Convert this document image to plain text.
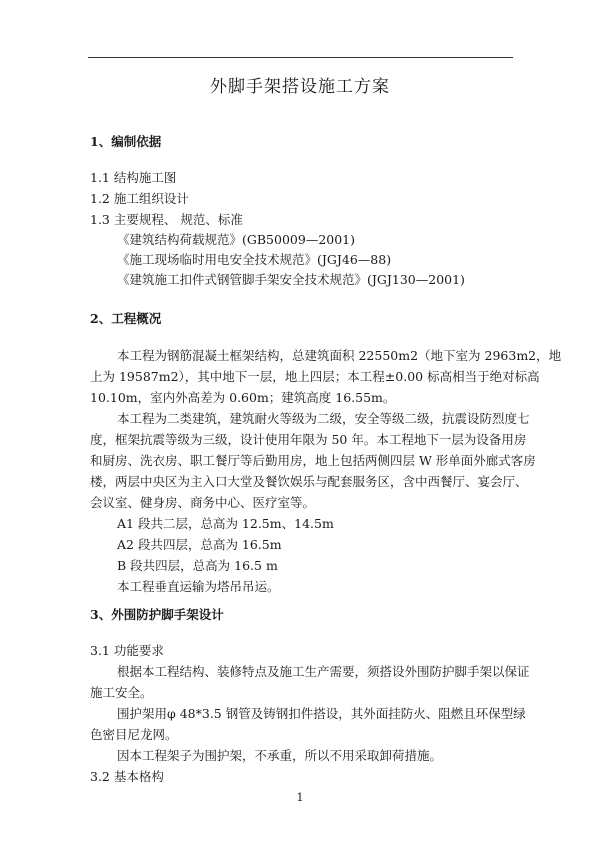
外脚手架搭设施工方案
1、编制依据
1.1 结构施工图
1.2 施工组织设计
1.3 主要规程、 规范、标准
《建筑结构荷载规范》(GB50009—2001)
《施工现场临时用电安全技术规范》(JGJ46—88)
《建筑施工扣件式钢管脚手架安全技术规范》(JGJ130—2001)
2、工程概况
本工程为钢筋混凝土框架结构，总建筑面积 22550m2（地下室为 2963m2，地
上为 19587m2），其中地下一层，地上四层；本工程±0.00 标高相当于绝对标高
10.10m，室内外高差为 0.60m；建筑高度 16.55m。
本工程为二类建筑，建筑耐火等级为二级，安全等级二级，抗震设防烈度七
度，框架抗震等级为三级，设计使用年限为 50 年。本工程地下一层为设备用房
和厨房、洗衣房、职工餐厅等后勤用房，地上包括两侧四层 W 形单面外廊式客房
楼，两层中央区为主入口大堂及餐饮娱乐与配套服务区，含中西餐厅、宴会厅、
会议室、健身房、商务中心、医疗室等。
A1 段共二层，总高为 12.5m、14.5m
A2 段共四层，总高为 16.5m
B 段共四层，总高为 16.5 m
本工程垂直运输为塔吊吊运。
3、外围防护脚手架设计
3.1 功能要求
根据本工程结构、装修特点及施工生产需要，须搭设外围防护脚手架以保证
施工安全。
围护架用φ 48*3.5 钢管及铸钢扣件搭设，其外面挂防火、阻燃且环保型绿
色密目尼龙网。
因本工程架子为围护架，不承重，所以不用采取卸荷措施。
3.2 基本格构
1
